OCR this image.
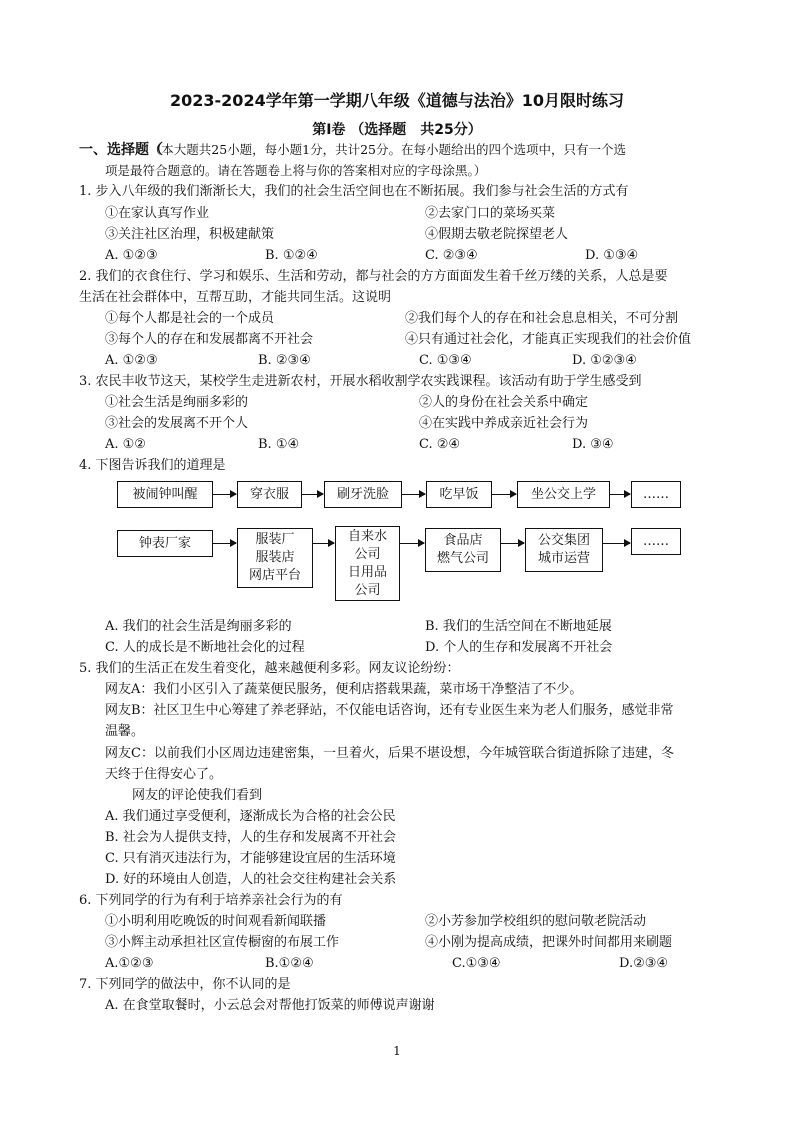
2023-2024学年第一学期八年级《道德与法治》10月限时练习
第Ⅰ卷 （选择题　共25分）
一、选择题（（本大题共25小题，每小题1分，共计25分。在每小题给出的四个选项中，只有一个选
项是最符合题意的。请在答题卷上将与你的答案相对应的字母涂黑。）
1. 步入八年级的我们渐渐长大，我们的社会生活空间也在不断拓展。我们参与社会生活的方式有
①在家认真写作业	②去家门口的菜场买菜
③关注社区治理，积极建献策	④假期去敬老院探望老人
A. ①②③	B. ①②④	C. ②③④	D. ①③④
2. 我们的衣食住行、学习和娱乐、生活和劳动，都与社会的方方面面发生着千丝万缕的关系，人总是要
生活在社会群体中，互帮互助，才能共同生活。这说明
①每个人都是社会的一个成员	②我们每个人的存在和社会息息相关，不可分割
③每个人的存在和发展都离不开社会	④只有通过社会化，才能真正实现我们的社会价值
A. ①②③	B. ②③④	C. ①③④	D. ①②③④
3. 农民丰收节这天，某校学生走进新农村，开展水稻收割学农实践课程。该活动有助于学生感受到
①社会生活是绚丽多彩的	②人的身份在社会关系中确定
③社会的发展离不开个人	④在实践中养成亲近社会行为
A. ①②	B. ①④	C. ②④	D. ③④
4. 下图告诉我们的道理是
被闹钟叫醒	穿衣服	刷牙洗脸	吃早饭	坐公交上学	……
钟表厂家	服装厂
服装店
网店平台
自来水
公司
日用品
公司
食品店
燃气公司
公交集团
城市运营
……
A. 我们的社会生活是绚丽多彩的	B. 我们的生活空间在不断地延展
C. 人的成长是不断地社会化的过程	D. 个人的生存和发展离不开社会
5. 我们的生活正在发生着变化，越来越便利多彩。网友议论纷纷：
网友A：我们小区引入了蔬菜便民服务，便利店搭载果蔬，菜市场干净整洁了不少。
网友B：社区卫生中心筹建了养老驿站，不仅能电话咨询，还有专业医生来为老人们服务，感觉非常
温馨。
网友C：以前我们小区周边违建密集，一旦着火，后果不堪设想，今年城管联合街道拆除了违建，冬
天终于住得安心了。
网友的评论使我们看到
A. 我们通过享受便利，逐渐成长为合格的社会公民
B. 社会为人提供支持，人的生存和发展离不开社会
C. 只有消灭违法行为，才能够建设宜居的生活环境
D. 好的环境由人创造，人的社会交往构建社会关系
6. 下列同学的行为有利于培养亲社会行为的有
①小明利用吃晚饭的时间观看新闻联播	②小芳参加学校组织的慰问敬老院活动
③小辉主动承担社区宣传橱窗的布展工作	④小刚为提高成绩，把课外时间都用来刷题
A.①②③	B.①②④	C.①③④	D.②③④
7. 下列同学的做法中，你不认同的是
A. 在食堂取餐时，小云总会对帮他打饭菜的师傅说声谢谢
1
